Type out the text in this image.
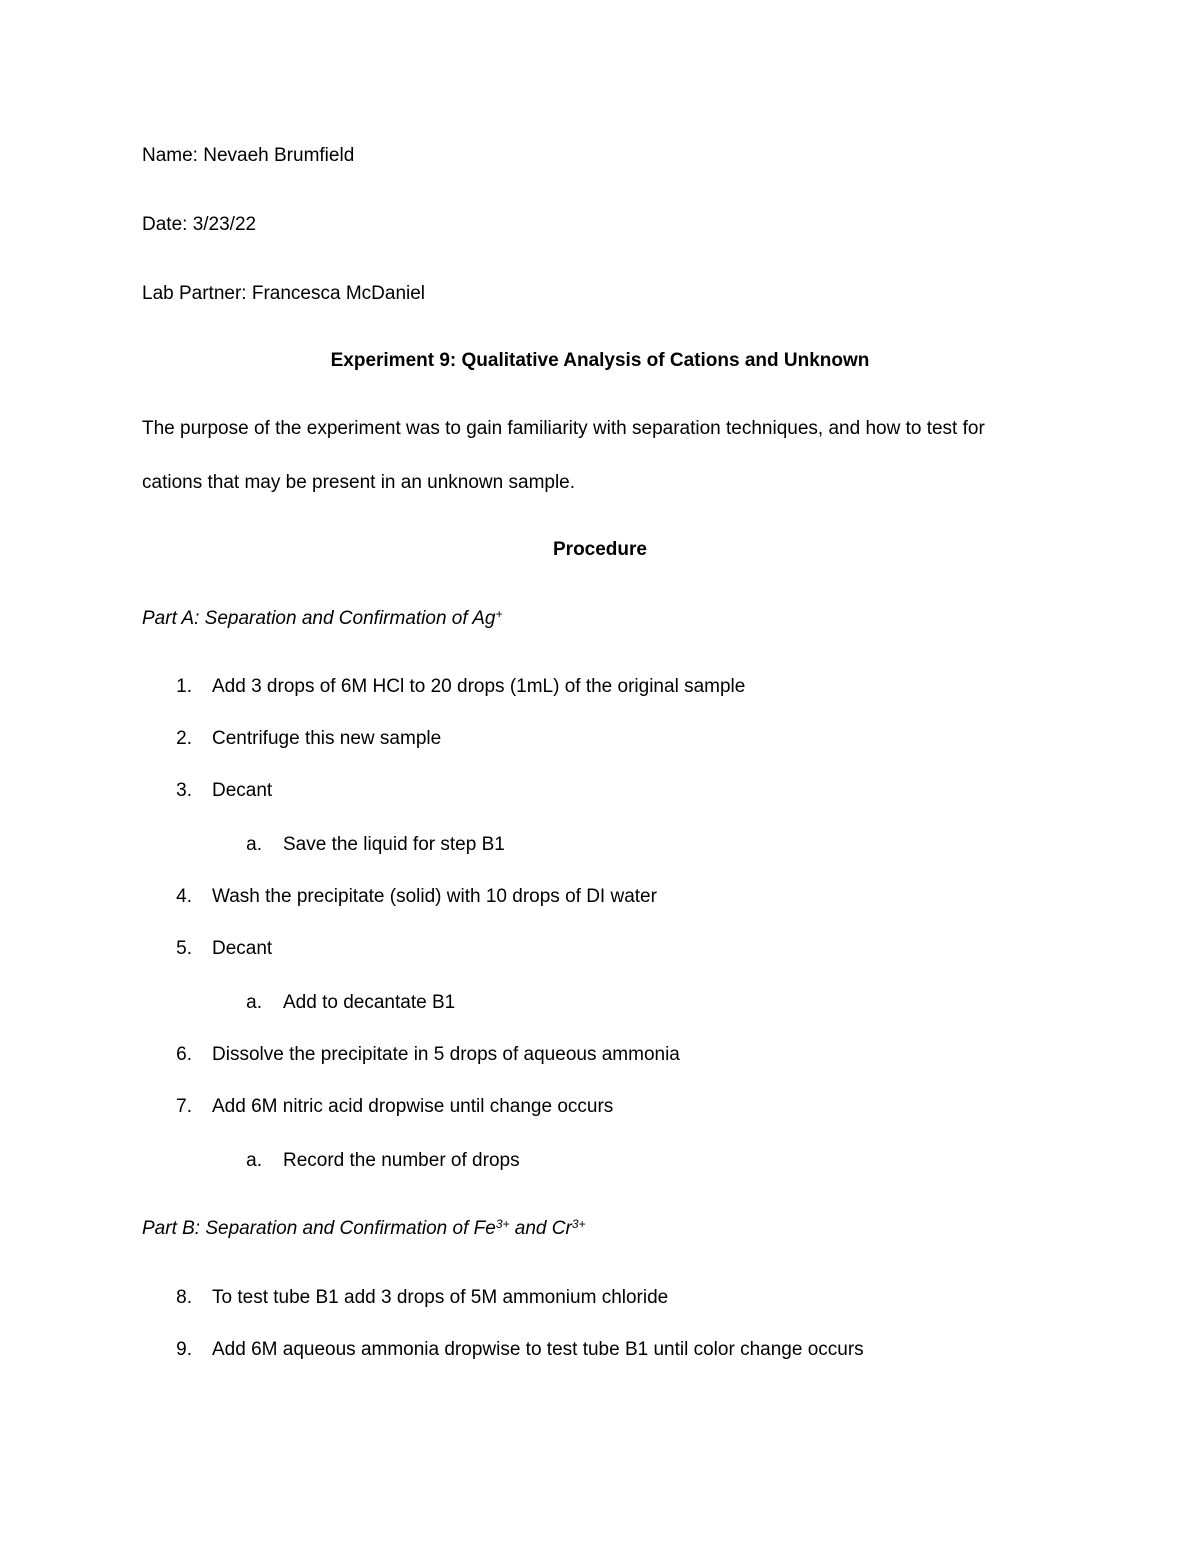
Name: Nevaeh Brumfield
Date: 3/23/22
Lab Partner: Francesca McDaniel
Experiment 9: Qualitative Analysis of Cations and Unknown
The purpose of the experiment was to gain familiarity with separation techniques, and how to test for
cations that may be present in an unknown sample.
Procedure
Part A: Separation and Confirmation of Ag+
1. Add 3 drops of 6M HCl to 20 drops (1mL) of the original sample
2. Centrifuge this new sample
3. Decant
a. Save the liquid for step B1
4. Wash the precipitate (solid) with 10 drops of DI water
5. Decant
a. Add to decantate B1
6. Dissolve the precipitate in 5 drops of aqueous ammonia
7. Add 6M nitric acid dropwise until change occurs
a. Record the number of drops
Part B: Separation and Confirmation of $Fe^{3+}$ and $Cr^{3+}$
8. To test tube B1 add 3 drops of 5M ammonium chloride
9. Add 6M aqueous ammonia dropwise to test tube B1 until color change occurs
